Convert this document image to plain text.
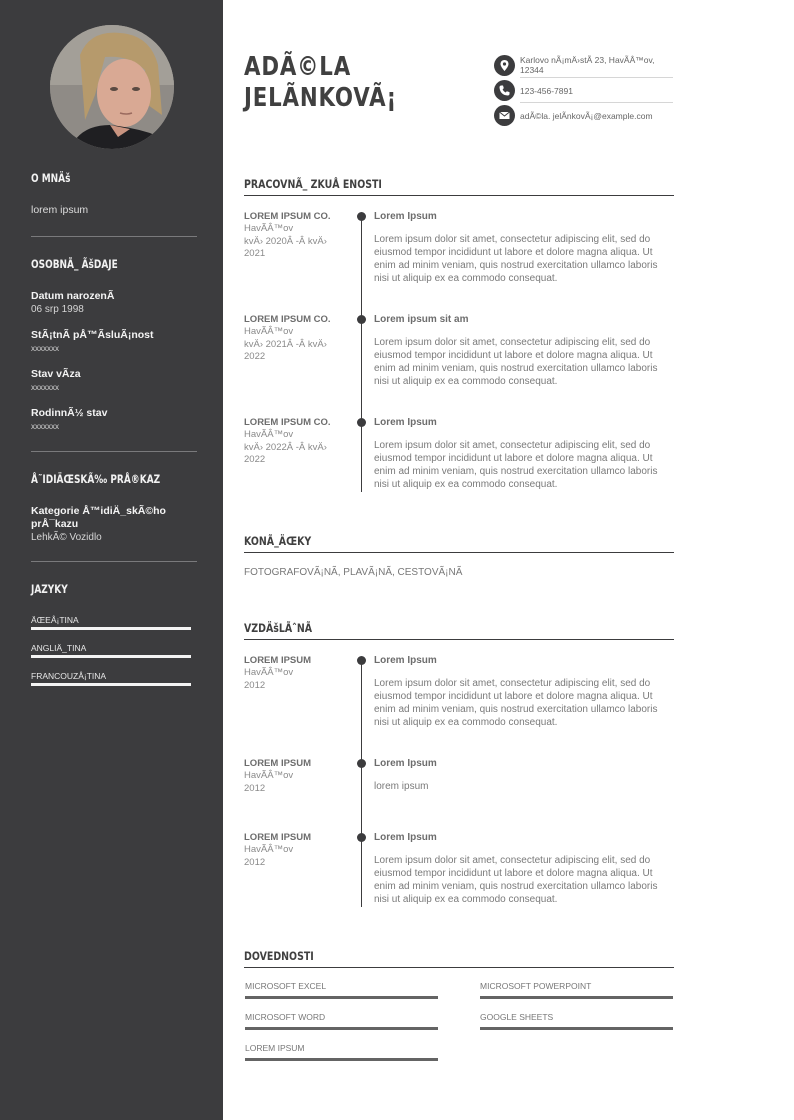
O MNÄš
lorem ipsum
OSOBNÃ_ ÃšDAJE
Datum narozenÃ
06 srp 1998
StÃ¡tnÃ pÅ™ÃsluÃ¡nost
xxxxxxx
Stav vÃza
xxxxxxx
RodinnÃ½ stav
xxxxxxx
Å˜IDIÄŒSKÃ‰ PRÅ®KAZ
Kategorie Å™idiÄ_skÃ©ho prÅ¯kazu
LehkÃ© Vozidlo
JAZYKY
ÄŒEÅ¡TINA
ANGLIÄ_TINA
FRANCOUZÅ¡TINA
ADÃ©LA
JELÃNKOVÃ¡
Karlovo nÃ¡mÄ›stÃ 23, HavÃÂ™ov, 12344
123-456-7891
adÃ©la. jelÃnkovÃ¡@example.com
PRACOVNÃ_ ZKUÅ ENOSTI
LOREM IPSUM CO.
HavÃÂ™ov
kvÄ› 2020Â -Â kvÄ› 2021
Lorem Ipsum
Lorem ipsum dolor sit amet, consectetur adipiscing elit, sed do eiusmod tempor incididunt ut labore et dolore magna aliqua. Ut enim ad minim veniam, quis nostrud exercitation ullamco laboris nisi ut aliquip ex ea commodo consequat.
LOREM IPSUM CO.
HavÃÂ™ov
kvÄ› 2021Â -Â kvÄ› 2022
Lorem ipsum sit am
Lorem ipsum dolor sit amet, consectetur adipiscing elit, sed do eiusmod tempor incididunt ut labore et dolore magna aliqua. Ut enim ad minim veniam, quis nostrud exercitation ullamco laboris nisi ut aliquip ex ea commodo consequat.
LOREM IPSUM CO.
HavÃÂ™ov
kvÄ› 2022Â -Â kvÄ› 2022
Lorem Ipsum
Lorem ipsum dolor sit amet, consectetur adipiscing elit, sed do eiusmod tempor incididunt ut labore et dolore magna aliqua. Ut enim ad minim veniam, quis nostrud exercitation ullamco laboris nisi ut aliquip ex ea commodo consequat.
KONÃ_ÄŒKY
FOTOGRAFOVÃ¡NÃ, PLAVÃ¡NÃ, CESTOVÃ¡NÃ
VZDÄšLÃˆNÃ
LOREM IPSUM
HavÃÂ™ov
2012
Lorem Ipsum
Lorem ipsum dolor sit amet, consectetur adipiscing elit, sed do eiusmod tempor incididunt ut labore et dolore magna aliqua. Ut enim ad minim veniam, quis nostrud exercitation ullamco laboris nisi ut aliquip ex ea commodo consequat.
LOREM IPSUM
HavÃÂ™ov
2012
Lorem Ipsum
lorem ipsum
LOREM IPSUM
HavÃÂ™ov
2012
Lorem Ipsum
Lorem ipsum dolor sit amet, consectetur adipiscing elit, sed do eiusmod tempor incididunt ut labore et dolore magna aliqua. Ut enim ad minim veniam, quis nostrud exercitation ullamco laboris nisi ut aliquip ex ea commodo consequat.
DOVEDNOSTI
MICROSOFT EXCEL	MICROSOFT POWERPOINT
MICROSOFT WORD	GOOGLE SHEETS
LOREM IPSUM
